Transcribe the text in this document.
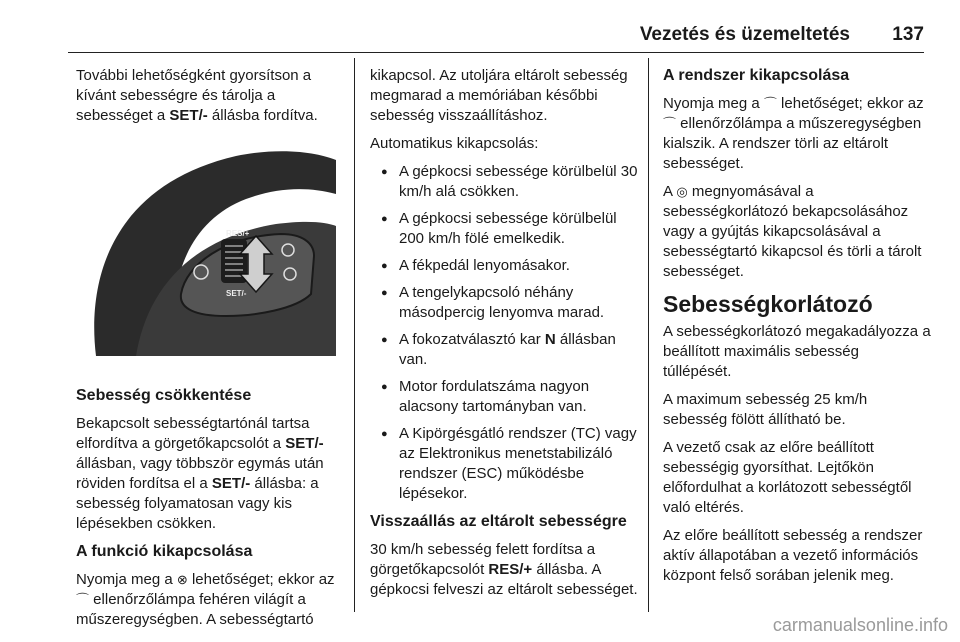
Vezetés és üzemeltetés 137

További lehetőségként gyorsítson a kívánt sebességre és tárolja a sebességet a SET/- állásba fordítva.

RES/+
SET/-
Sebesség csökkentése

Bekapcsolt sebességtartónál tartsa elfordítva a görgetőkapcsolót a SET/- állásban, vagy többször egymás után röviden fordítsa el a SET/- állásba: a sebesség folyamatosan vagy kis lépésekben csökken.

A funkció kikapcsolása

Nyomja meg a ⊗ lehetőséget; ekkor az ⌒ ellenőrzőlámpa fehéren világít a műszeregységben. A sebességtartó

kikapcsol. Az utoljára eltárolt sebesség megmarad a memóriában későbbi sebesség visszaállításhoz.

Automatikus kikapcsolás:

● A gépkocsi sebessége körülbelül 30 km/h alá csökken.
● A gépkocsi sebessége körülbelül 200 km/h fölé emelkedik.
● A fékpedál lenyomásakor.
● A tengelykapcsoló néhány másodpercig lenyomva marad.
● A fokozatválasztó kar N állásban van.
● Motor fordulatszáma nagyon alacsony tartományban van.
● A Kipörgésgátló rendszer (TC) vagy az Elektronikus menetstabilizáló rendszer (ESC) működésbe lépésekor.
Visszaállás az eltárolt sebességre

30 km/h sebesség felett fordítsa a görgetőkapcsolót RES/+ állásba. A gépkocsi felveszi az eltárolt sebességet.

A rendszer kikapcsolása

Nyomja meg a ⌒ lehetőséget; ekkor az ⌒ ellenőrzőlámpa a műszeregységben kialszik. A rendszer törli az eltárolt sebességet.

A ◎ megnyomásával a sebességkorlátozó bekapcsolásához vagy a gyújtás kikapcsolásával a sebességtartó kikapcsol és törli a tárolt sebességet.

Sebességkorlátozó

A sebességkorlátozó megakadályozza a beállított maximális sebesség túllépését.

A maximum sebesség 25 km/h sebesség fölött állítható be.

A vezető csak az előre beállított sebességig gyorsíthat. Lejtőkön előfordulhat a korlátozott sebességtől való eltérés.

Az előre beállított sebesség a rendszer aktív állapotában a vezető információs központ felső sorában jelenik meg.

carmanualsonline.info
